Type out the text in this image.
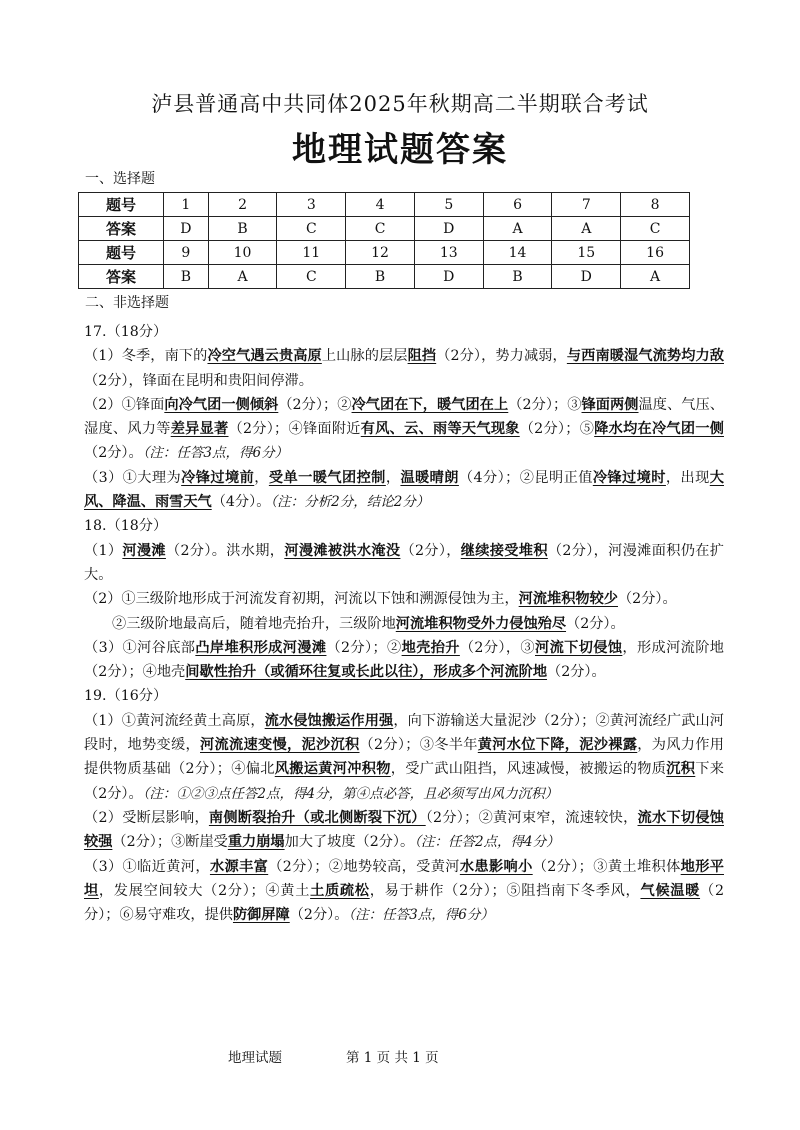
泸县普通高中共同体2025年秋期高二半期联合考试
地理试题答案
一、选择题
题号	1	2	3	4	5	6	7	8
答案	D	B	C	C	D	A	A	C
题号	9	10	11	12	13	14	15	16
答案	B	A	C	B	D	B	D	A
二、非选择题

17.（18分）

（1）冬季，南下的冷空气遇云贵高原上山脉的层层阻挡（2分），势力减弱，与西南暖湿气流势均力敌（2分），锋面在昆明和贵阳间停滞。

（2）①锋面向冷气团一侧倾斜（2分）；②冷气团在下，暖气团在上（2分）；③锋面两侧温度、气压、湿度、风力等差异显著（2分）；④锋面附近有风、云、雨等天气现象（2分）；⑤降水均在冷气团一侧（2分）。（注：任答3点，得6分）

（3）①大理为冷锋过境前，受单一暖气团控制，温暖晴朗（4分）；②昆明正值冷锋过境时，出现大风、降温、雨雪天气（4分）。（注：分析2分，结论2分）

18.（18分）

（1）河漫滩（2分）。洪水期，河漫滩被洪水淹没（2分），继续接受堆积（2分），河漫滩面积仍在扩大。

（2）①三级阶地形成于河流发育初期，河流以下蚀和溯源侵蚀为主，河流堆积物较少（2分）。

②三级阶地最高后，随着地壳抬升，三级阶地河流堆积物受外力侵蚀殆尽（2分）。

（3）①河谷底部凸岸堆积形成河漫滩（2分）；②地壳抬升（2分），③河流下切侵蚀，形成河流阶地（2分）；④地壳间歇性抬升（或循环往复或长此以往），形成多个河流阶地（2分）。

19.（16分）

（1）①黄河流经黄土高原，流水侵蚀搬运作用强，向下游输送大量泥沙（2分）；②黄河流经广武山河段时，地势变缓，河流流速变慢，泥沙沉积（2分）；③冬半年黄河水位下降，泥沙裸露，为风力作用提供物质基础（2分）；④偏北风搬运黄河冲积物，受广武山阻挡，风速减慢，被搬运的物质沉积下来（2分）。（注：①②③点任答2点，得4分，第④点必答，且必须写出风力沉积）

（2）受断层影响，南侧断裂抬升（或北侧断裂下沉）（2分）；②黄河束窄，流速较快，流水下切侵蚀较强（2分）；③断崖受重力崩塌加大了坡度（2分）。（注：任答2点，得4分）

（3）①临近黄河，水源丰富（2分）；②地势较高，受黄河水患影响小（2分）；③黄土堆积体地形平坦，发展空间较大（2分）；④黄土土质疏松，易于耕作（2分）；⑤阻挡南下冬季风，气候温暖（2分）；⑥易守难攻，提供防御屏障（2分）。（注：任答3点，得6分）

地理试题	第 1 页 共 1 页
